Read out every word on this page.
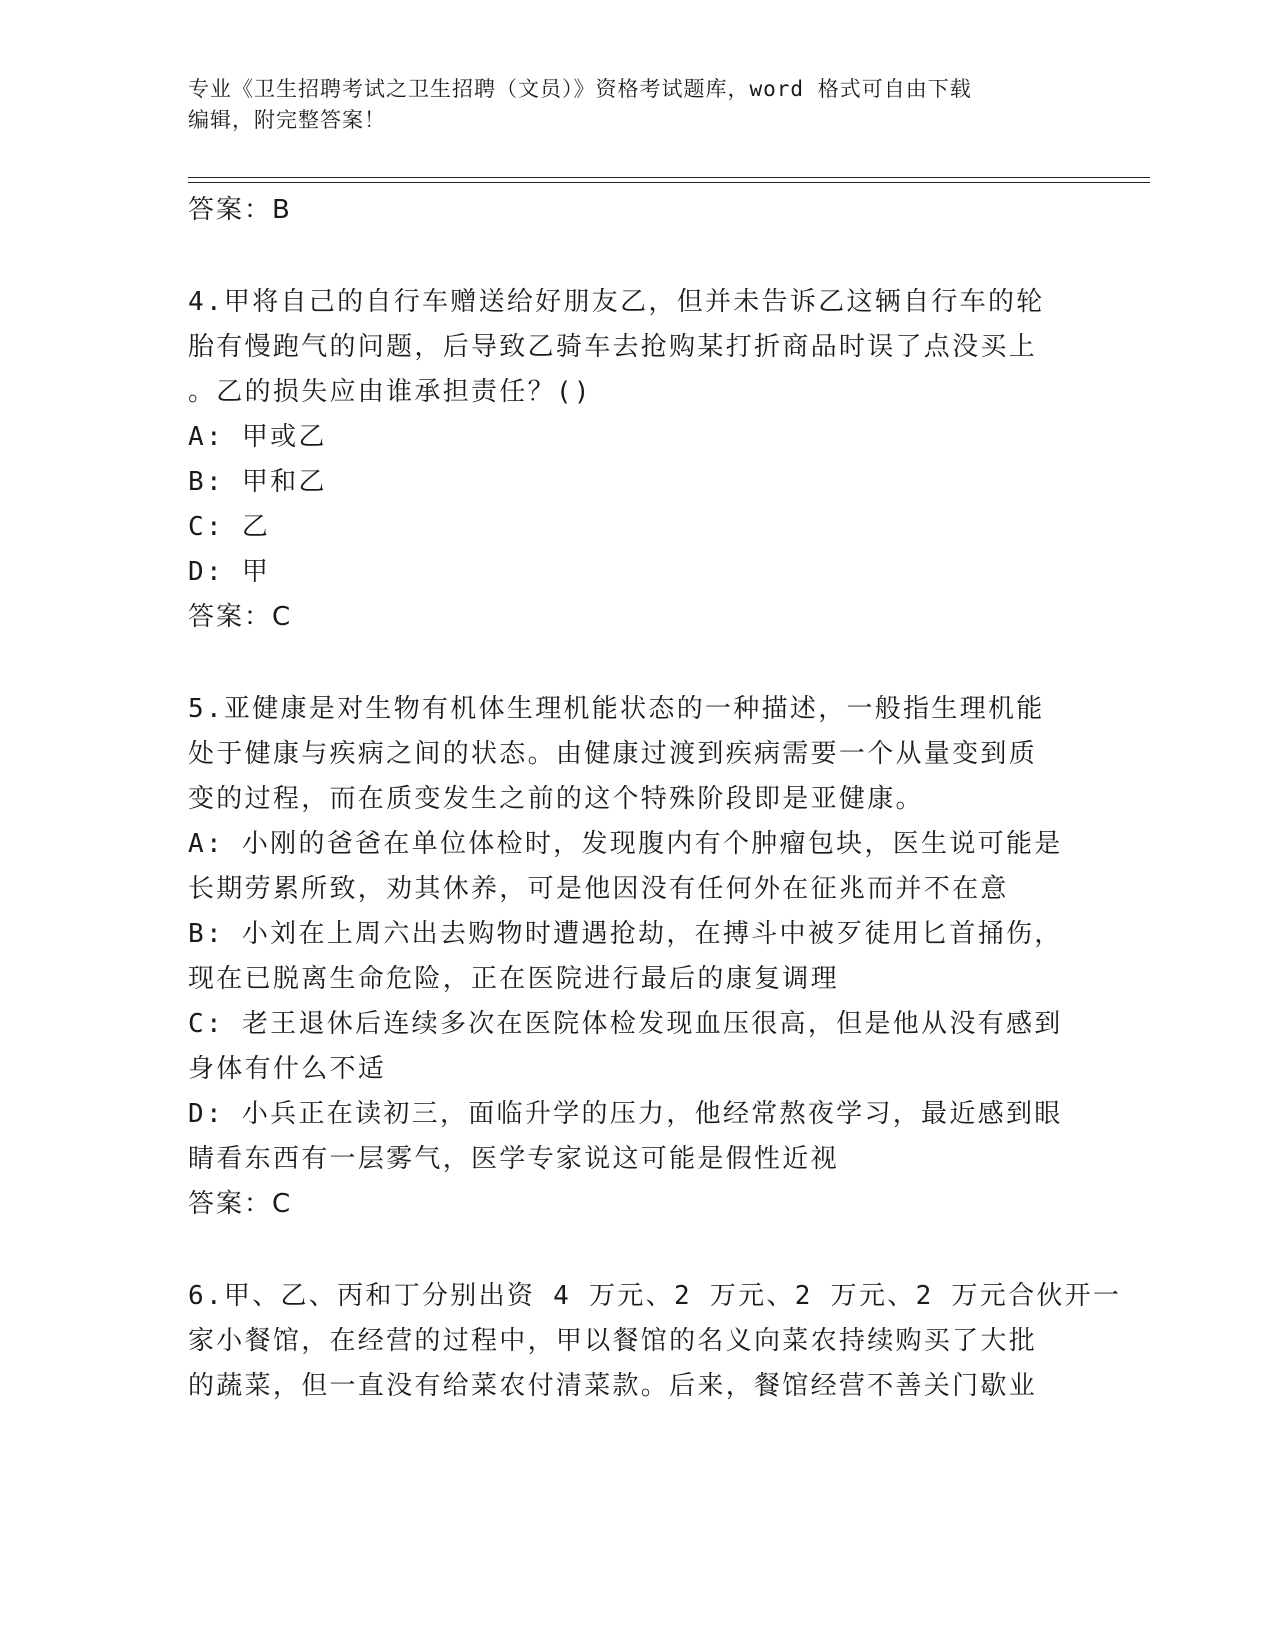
专业《卫生招聘考试之卫生招聘（文员）》资格考试题库，word 格式可自由下载
编辑，附完整答案！
答案：B
4.甲将自己的自行车赠送给好朋友乙，但并未告诉乙这辆自行车的轮
胎有慢跑气的问题，后导致乙骑车去抢购某打折商品时误了点没买上
。乙的损失应由谁承担责任？()
A: 甲或乙
B: 甲和乙
C: 乙
D: 甲
答案：C
5.亚健康是对生物有机体生理机能状态的一种描述，一般指生理机能
处于健康与疾病之间的状态。由健康过渡到疾病需要一个从量变到质
变的过程，而在质变发生之前的这个特殊阶段即是亚健康。
A: 小刚的爸爸在单位体检时，发现腹内有个肿瘤包块，医生说可能是
长期劳累所致，劝其休养，可是他因没有任何外在征兆而并不在意
B: 小刘在上周六出去购物时遭遇抢劫，在搏斗中被歹徒用匕首捅伤，
现在已脱离生命危险，正在医院进行最后的康复调理
C: 老王退休后连续多次在医院体检发现血压很高，但是他从没有感到
身体有什么不适
D: 小兵正在读初三，面临升学的压力，他经常熬夜学习，最近感到眼
睛看东西有一层雾气，医学专家说这可能是假性近视
答案：C
6.甲、乙、丙和丁分别出资 4 万元、2 万元、2 万元、2 万元合伙开一
家小餐馆，在经营的过程中，甲以餐馆的名义向菜农持续购买了大批
的蔬菜，但一直没有给菜农付清菜款。后来，餐馆经营不善关门歇业
